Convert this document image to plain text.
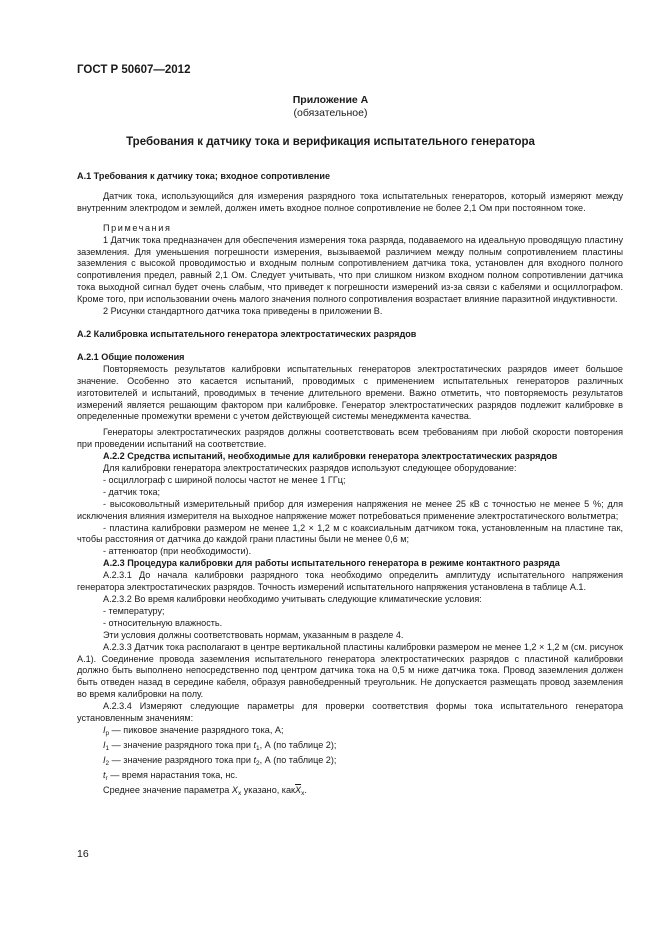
ГОСТ Р 50607—2012
Приложение А
(обязательное)
Требования к датчику тока и верификация испытательного генератора
А.1 Требования к датчику тока; входное сопротивление

Датчик тока, использующийся для измерения разрядного тока испытательных генераторов, который измеряют между внутренним электродом и землей, должен иметь входное полное сопротивление не более 2,1 Ом при постоянном токе.

Примечания

1 Датчик тока предназначен для обеспечения измерения тока разряда, подаваемого на идеальную проводящую пластину заземления. Для уменьшения погрешности измерения, вызываемой различием между полным сопротивлением пластины заземления с высокой проводимостью и входным полным сопротивлением датчика тока, установлен для входного полного сопротивления предел, равный 2,1 Ом. Следует учитывать, что при слишком низком входном полном сопротивлении датчика тока выходной сигнал будет очень слабым, что приведет к погрешности измерений из-за связи с кабелями и осциллографом. Кроме того, при использовании очень малого значения полного сопротивления возрастает влияние паразитной индуктивности.

2 Рисунки стандартного датчика тока приведены в приложении В.

А.2 Калибровка испытательного генератора электростатических разрядов
А.2.1 Общие положения

Повторяемость результатов калибровки испытательных генераторов электростатических разрядов имеет большое значение. Особенно это касается испытаний, проводимых с применением испытательных генераторов различных изготовителей и испытаний, проводимых в течение длительного времени. Важно отметить, что повторяемость результатов измерений является решающим фактором при калибровке. Генератор электростатических разрядов подлежит калибровке в определенные промежутки времени с учетом действующей системы менеджмента качества.

Генераторы электростатических разрядов должны соответствовать всем требованиям при любой скорости повторения при проведении испытаний на соответствие.

А.2.2 Средства испытаний, необходимые для калибровки генератора электростатических разрядов

Для калибровки генератора электростатических разрядов используют следующее оборудование:

- осциллограф с шириной полосы частот не менее 1 ГГц;

- датчик тока;

- высоковольтный измерительный прибор для измерения напряжения не менее 25 кВ с точностью не менее 5 %; для исключения влияния измерителя на выходное напряжение может потребоваться применение электростатического вольтметра;

- пластина калибровки размером не менее 1,2 × 1,2 м с коаксиальным датчиком тока, установленным на пластине так, чтобы расстояния от датчика до каждой грани пластины были не менее 0,6 м;

- аттенюатор (при необходимости).

А.2.3 Процедура калибровки для работы испытательного генератора в режиме контактного разряда

А.2.3.1 До начала калибровки разрядного тока необходимо определить амплитуду испытательного напряжения генератора электростатических разрядов. Точность измерений испытательного напряжения установлена в таблице А.1.

А.2.3.2 Во время калибровки необходимо учитывать следующие климатические условия:

- температуру;

- относительную влажность.

Эти условия должны соответствовать нормам, указанным в разделе 4.

А.2.3.3 Датчик тока располагают в центре вертикальной пластины калибровки размером не менее 1,2 × 1,2 м (см. рисунок А.1). Соединение провода заземления испытательного генератора электростатических разрядов с пластиной калибровки должно быть выполнено непосредственно под центром датчика тока на 0,5 м ниже датчика тока. Провод заземления должен быть отведен назад в середине кабеля, образуя равнобедренный треугольник. Не допускается размещать провод заземления во время калибровки на полу.

А.2.3.4 Измеряют следующие параметры для проверки соответствия формы тока испытательного генератора установленным значениям:

$I_p$ — пиковое значение разрядного тока, А;

$I_1$ — значение разрядного тока при $t_1$, А (по таблице 2);

$I_2$ — значение разрядного тока при $t_2$, А (по таблице 2);

$t_r$ — время нарастания тока, нс.

Среднее значение параметра $X_x$ указано, $как\overline{X}_x$.

16
